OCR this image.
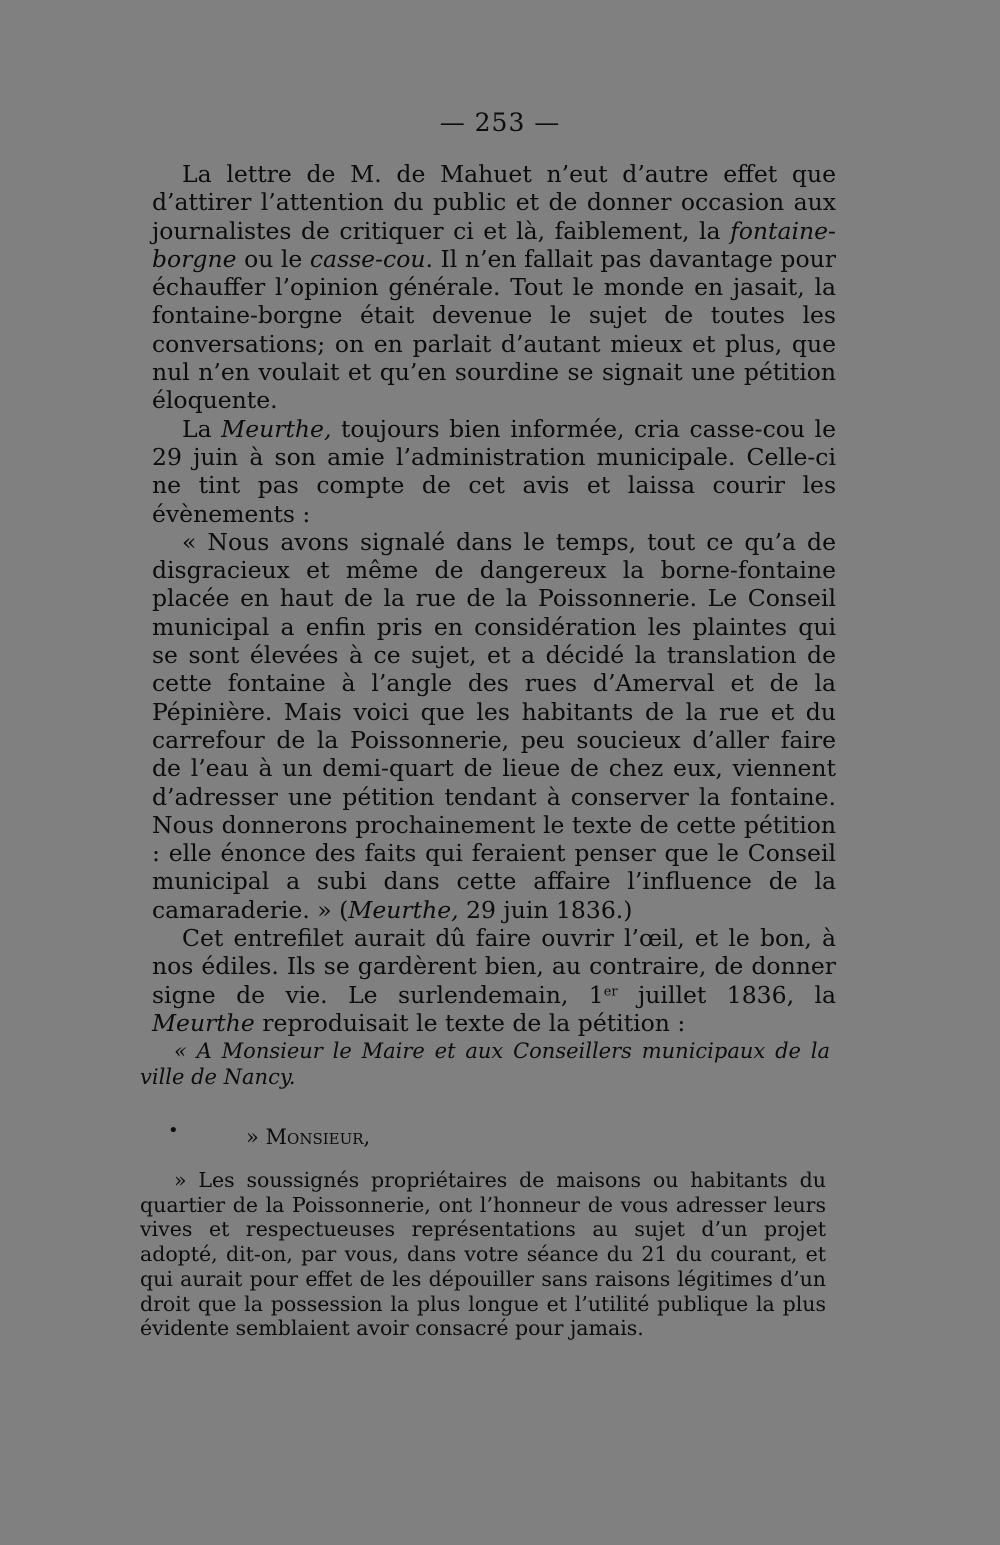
— 253 —

La lettre de M. de Mahuet n’eut d’autre effet que d’attirer l’attention du public et de donner occasion aux journalistes de critiquer ci et là, faiblement, la fontaine-borgne ou le casse-cou. Il n’en fallait pas davantage pour échauffer l’opinion générale. Tout le monde en jasait, la fontaine-borgne était devenue le sujet de toutes les conversations; on en parlait d’autant mieux et plus, que nul n’en voulait et qu’en sourdine se signait une pétition éloquente.

La Meurthe, toujours bien informée, cria casse-cou le 29 juin à son amie l’administration municipale. Celle-ci ne tint pas compte de cet avis et laissa courir les évènements :

« Nous avons signalé dans le temps, tout ce qu’a de disgracieux et même de dangereux la borne-fontaine placée en haut de la rue de la Poissonnerie. Le Conseil municipal a enfin pris en considération les plaintes qui se sont élevées à ce sujet, et a décidé la translation de cette fontaine à l’angle des rues d’Amerval et de la Pépinière. Mais voici que les habitants de la rue et du carrefour de la Poissonnerie, peu soucieux d’aller faire de l’eau à un demi-quart de lieue de chez eux, viennent d’adresser une pétition tendant à conserver la fontaine. Nous donnerons prochainement le texte de cette pétition : elle énonce des faits qui feraient penser que le Conseil municipal a subi dans cette affaire l’influence de la camaraderie. » (Meurthe, 29 juin 1836.)

Cet entrefilet aurait dû faire ouvrir l’œil, et le bon, à nos édiles. Ils se gardèrent bien, au contraire, de donner signe de vie. Le surlendemain, 1er juillet 1836, la Meurthe reproduisait le texte de la pétition :

« A Monsieur le Maire et aux Conseillers municipaux de la ville de Nancy.

•	» Monsieur,

» Les soussignés propriétaires de maisons ou habitants du quartier de la Poissonnerie, ont l’honneur de vous adresser leurs vives et respectueuses représentations au sujet d’un projet adopté, dit-on, par vous, dans votre séance du 21 du courant, et qui aurait pour effet de les dépouiller sans raisons légitimes d’un droit que la possession la plus longue et l’utilité publique la plus évidente semblaient avoir consacré pour jamais.
